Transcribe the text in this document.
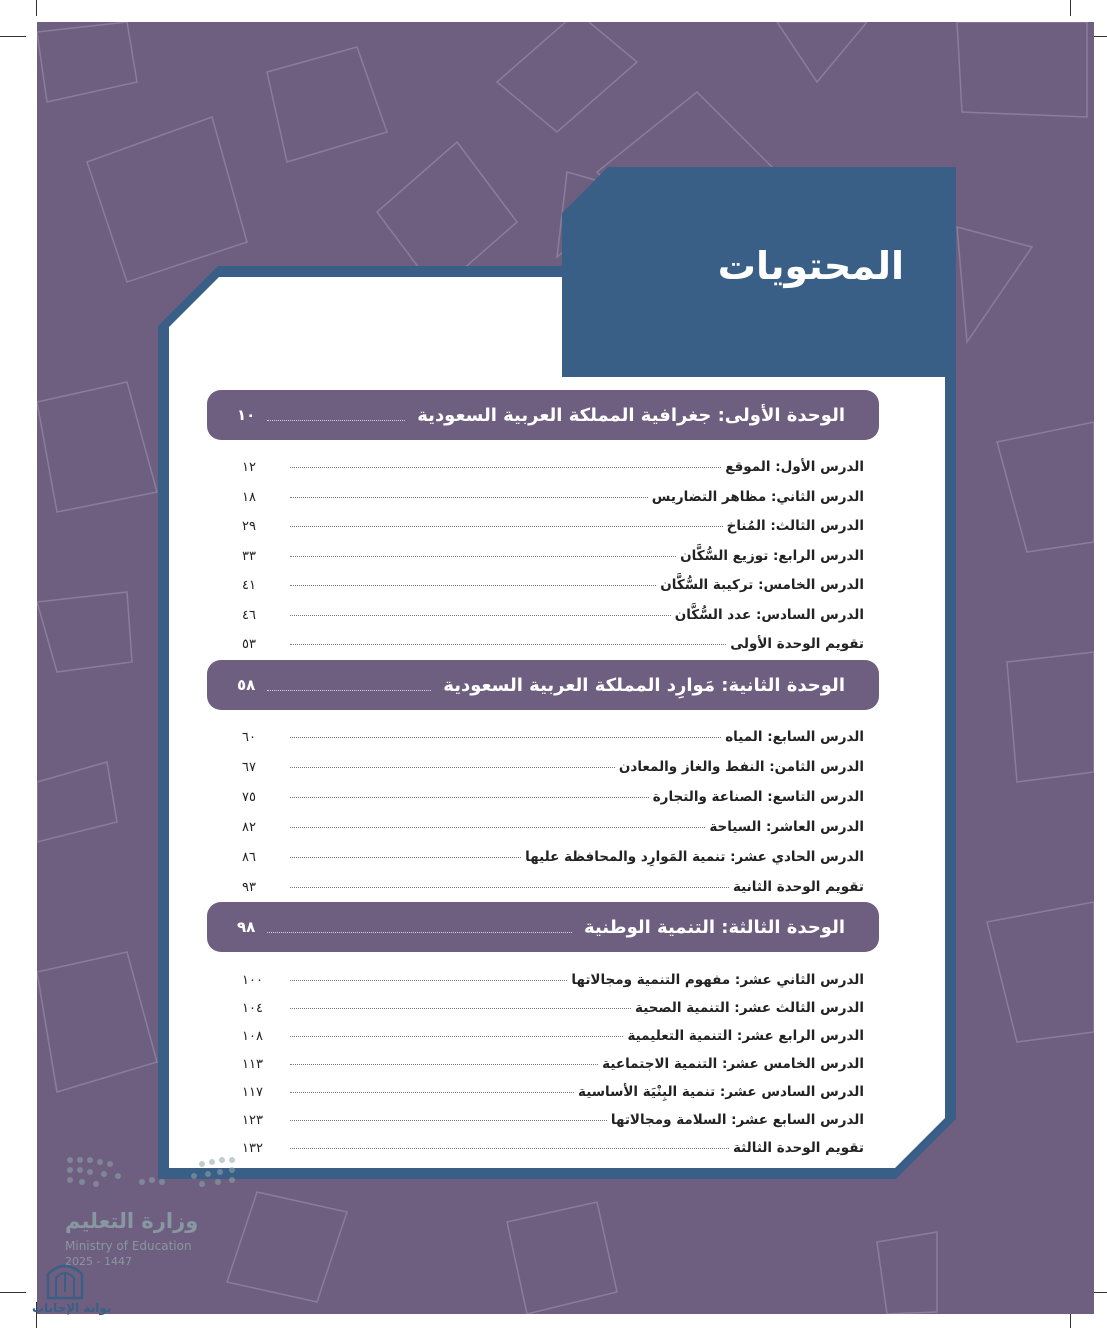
المحتويات
الوحدة الأولى: جغرافية المملكة العربية السعودية
١٠
الدرس الأول: الموقع
١٢
الدرس الثاني: مظاهر التضاريس
١٨
الدرس الثالث: المُناخ
٢٩
الدرس الرابع: توزيع السُّكَّان
٣٣
الدرس الخامس: تركيبة السُّكَّان
٤١
الدرس السادس: عدد السُّكَّان
٤٦
تقويم الوحدة الأولى
٥٣
الوحدة الثانية: مَوارِد المملكة العربية السعودية
٥٨
الدرس السابع: المياه
٦٠
الدرس الثامن: النفط والغاز والمعادن
٦٧
الدرس التاسع: الصناعة والتجارة
٧٥
الدرس العاشر: السياحة
٨٢
الدرس الحادي عشر: تنمية المَوارِد والمحافظة عليها
٨٦
تقويم الوحدة الثانية
٩٣
الوحدة الثالثة: التنمية الوطنية
٩٨
الدرس الثاني عشر: مفهوم التنمية ومجالاتها
١٠٠
الدرس الثالث عشر: التنمية الصحية
١٠٤
الدرس الرابع عشر: التنمية التعليمية
١٠٨
الدرس الخامس عشر: التنمية الاجتماعية
١١٣
الدرس السادس عشر: تنمية البِنْيَة الأساسية
١١٧
الدرس السابع عشر: السلامة ومجالاتها
١٢٣
تقويم الوحدة الثالثة
١٣٢
وزارة التعليم
Ministry of Education
2025 - 1447
بوابة الإجابات
